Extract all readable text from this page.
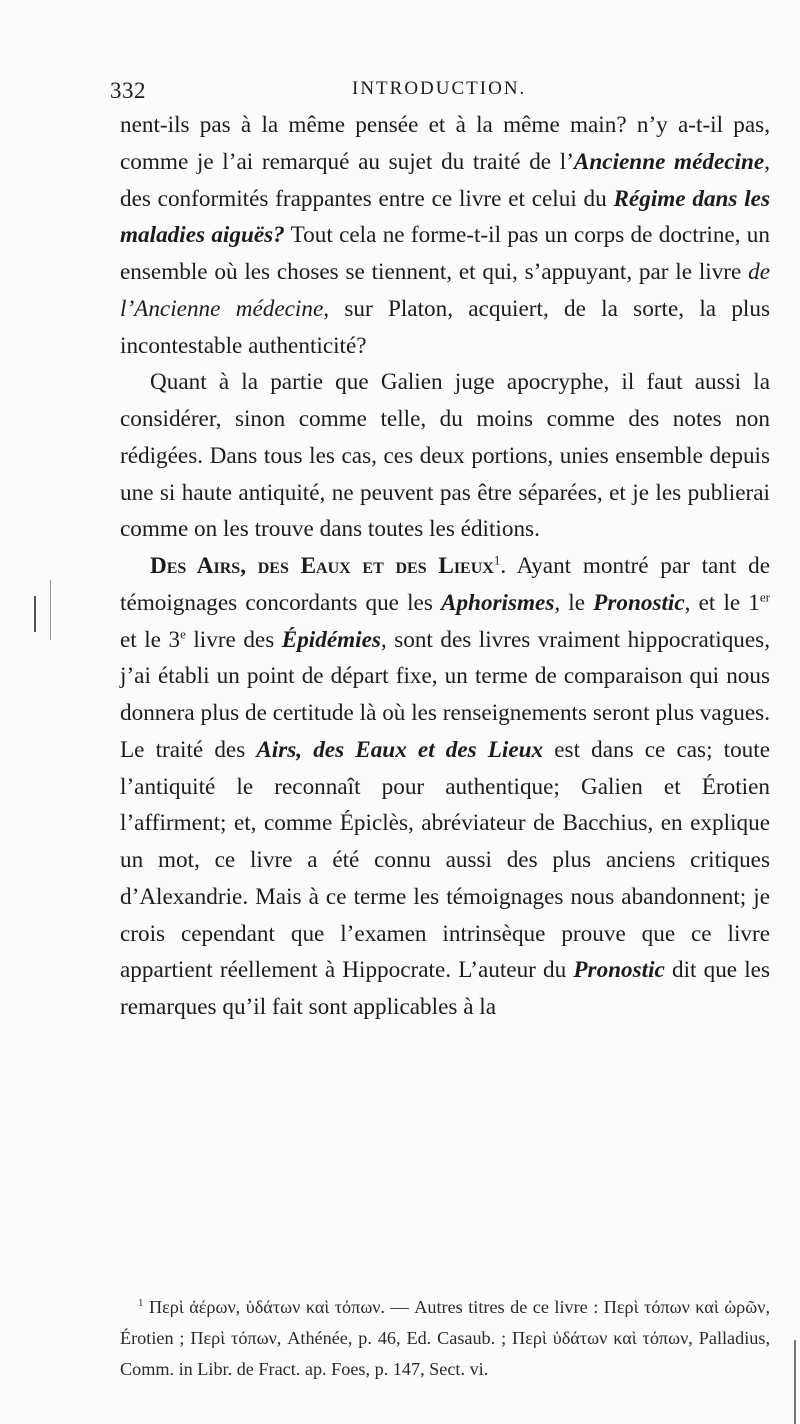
332	INTRODUCTION.

nent-ils pas à la même pensée et à la même main? n’y a-t-il pas, comme je l’ai remarqué au sujet du traité de l’Ancienne médecine, des conformités frappantes entre ce livre et celui du Régime dans les maladies aiguës? Tout cela ne forme-t-il pas un corps de doctrine, un ensemble où les choses se tiennent, et qui, s’appuyant, par le livre de l’Ancienne médecine, sur Platon, acquiert, de la sorte, la plus incontestable authenticité?

Quant à la partie que Galien juge apocryphe, il faut aussi la considérer, sinon comme telle, du moins comme des notes non rédigées. Dans tous les cas, ces deux portions, unies ensemble depuis une si haute antiquité, ne peuvent pas être séparées, et je les publierai comme on les trouve dans toutes les éditions.

Des Airs, des Eaux et des Lieux$^1$. Ayant montré par tant de témoignages concordants que les Aphorismes, le Pronostic, et le 1er et le 3e livre des Épidémies, sont des livres vraiment hippocratiques, j’ai établi un point de départ fixe, un terme de comparaison qui nous donnera plus de certitude là où les renseignements seront plus vagues. Le traité des Airs, des Eaux et des Lieux est dans ce cas; toute l’antiquité le reconnaît pour authentique; Galien et Érotien l’affirment; et, comme Épiclès, abréviateur de Bacchius, en explique un mot, ce livre a été connu aussi des plus anciens critiques d’Alexandrie. Mais à ce terme les témoignages nous abandonnent; je crois cependant que l’examen intrinsèque prouve que ce livre appartient réellement à Hippocrate. L’auteur du Pronostic dit que les remarques qu’il fait sont applicables à la

$^1$ Περὶ ἀέρων, ὑδάτων καὶ τόπων. — Autres titres de ce livre : Περὶ τόπων καὶ ὡρῶν, Érotien ; Περὶ τόπων, Athénée, p. 46, Ed. Casaub. ; Περὶ ὑδάτων καὶ τόπων, Palladius, Comm. in Libr. de Fract. ap. Foes, p. 147, Sect. vi.
